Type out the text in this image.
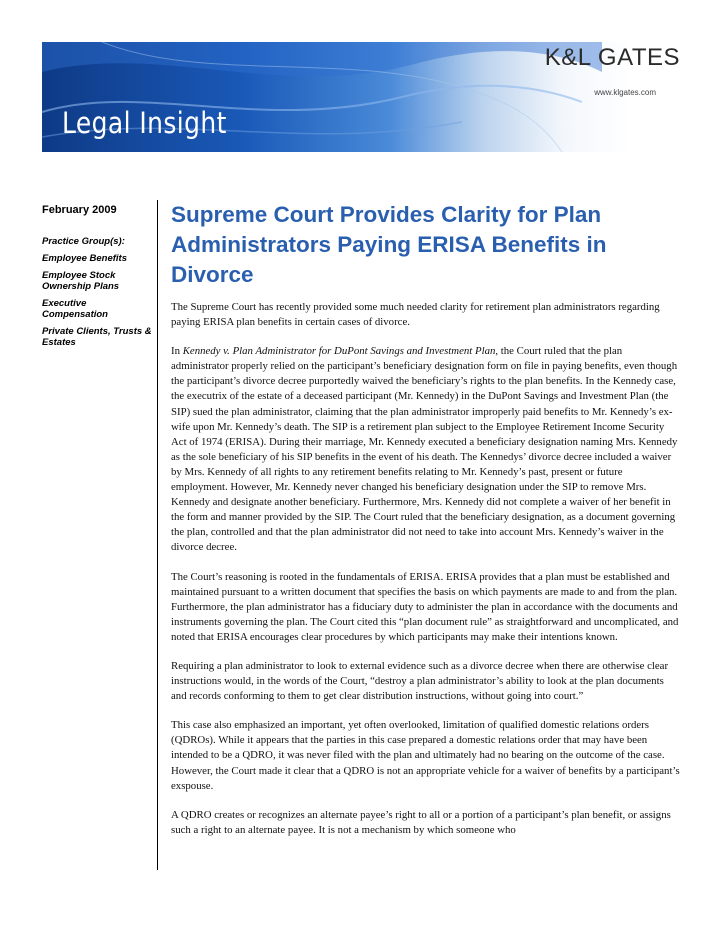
Legal Insight
K&L GATES
www.klgates.com
February 2009
Practice Group(s):
Employee Benefits
Employee Stock Ownership Plans
Executive Compensation
Private Clients, Trusts & Estates
Supreme Court Provides Clarity for Plan Administrators Paying ERISA Benefits in Divorce

The Supreme Court has recently provided some much needed clarity for retirement plan administrators regarding paying ERISA plan benefits in certain cases of divorce.

In Kennedy v. Plan Administrator for DuPont Savings and Investment Plan, the Court ruled that the plan administrator properly relied on the participant’s beneficiary designation form on file in paying benefits, even though the participant’s divorce decree purportedly waived the beneficiary’s rights to the plan benefits. In the Kennedy case, the executrix of the estate of a deceased participant (Mr. Kennedy) in the DuPont Savings and Investment Plan (the SIP) sued the plan administrator, claiming that the plan administrator improperly paid benefits to Mr. Kennedy’s ex-wife upon Mr. Kennedy’s death. The SIP is a retirement plan subject to the Employee Retirement Income Security Act of 1974 (ERISA). During their marriage, Mr. Kennedy executed a beneficiary designation naming Mrs. Kennedy as the sole beneficiary of his SIP benefits in the event of his death. The Kennedys’ divorce decree included a waiver by Mrs. Kennedy of all rights to any retirement benefits relating to Mr. Kennedy’s past, present or future employment. However, Mr. Kennedy never changed his beneficiary designation under the SIP to remove Mrs. Kennedy and designate another beneficiary. Furthermore, Mrs. Kennedy did not complete a waiver of her benefit in the form and manner provided by the SIP. The Court ruled that the beneficiary designation, as a document governing the plan, controlled and that the plan administrator did not need to take into account Mrs. Kennedy’s waiver in the divorce decree.

The Court’s reasoning is rooted in the fundamentals of ERISA. ERISA provides that a plan must be established and maintained pursuant to a written document that specifies the basis on which payments are made to and from the plan. Furthermore, the plan administrator has a fiduciary duty to administer the plan in accordance with the documents and instruments governing the plan. The Court cited this “plan document rule” as straightforward and uncomplicated, and noted that ERISA encourages clear procedures by which participants may make their intentions known.

Requiring a plan administrator to look to external evidence such as a divorce decree when there are otherwise clear instructions would, in the words of the Court, “destroy a plan administrator’s ability to look at the plan documents and records conforming to them to get clear distribution instructions, without going into court.”

This case also emphasized an important, yet often overlooked, limitation of qualified domestic relations orders (QDROs). While it appears that the parties in this case prepared a domestic relations order that may have been intended to be a QDRO, it was never filed with the plan and ultimately had no bearing on the outcome of the case. However, the Court made it clear that a QDRO is not an appropriate vehicle for a waiver of benefits by a participant’s exspouse.

A QDRO creates or recognizes an alternate payee’s right to all or a portion of a participant’s plan benefit, or assigns such a right to an alternate payee. It is not a mechanism by which someone who
